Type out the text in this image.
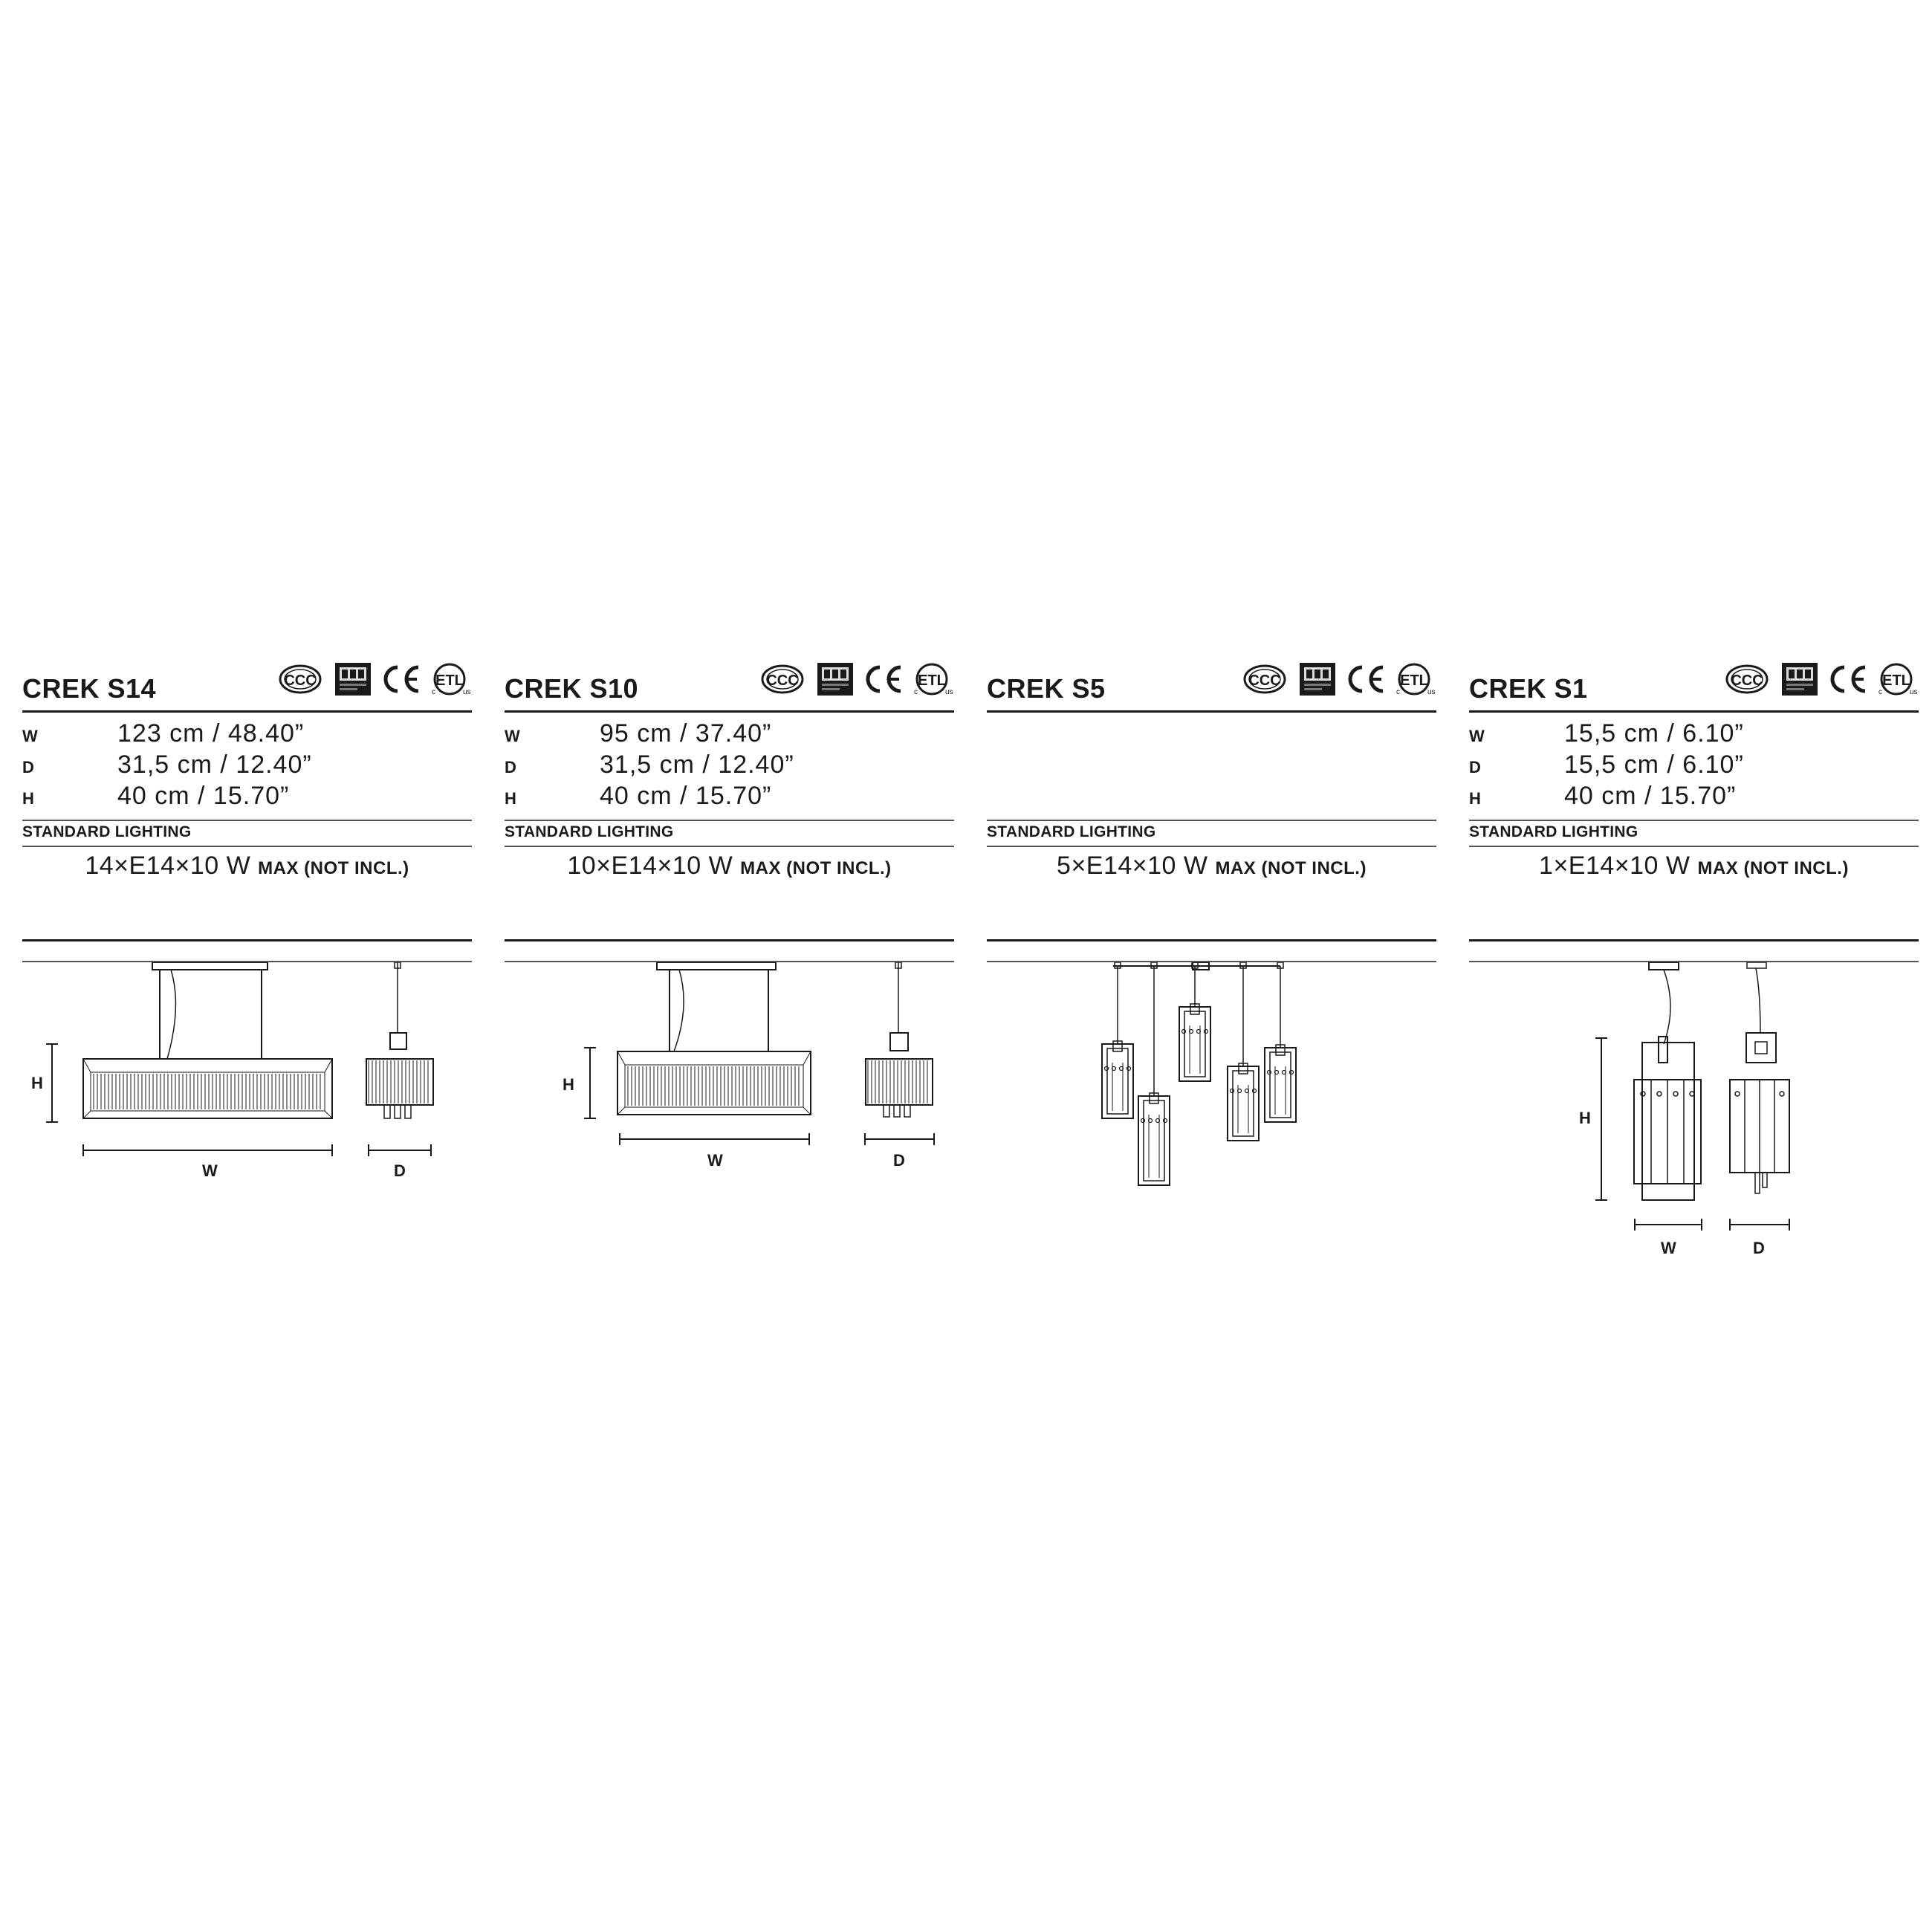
CREK S14
W	123 cm / 48.40”
D	31,5 cm / 12.40”
H	40 cm / 15.70”
STANDARD LIGHTING
14×E14×10 W MAX (NOT INCL.)
H
W	D
CREK S10
W	95 cm / 37.40”
D	31,5 cm / 12.40”
H	40 cm / 15.70”
STANDARD LIGHTING
10×E14×10 W MAX (NOT INCL.)
H
W	D
CREK S5
STANDARD LIGHTING
5×E14×10 W MAX (NOT INCL.)
CREK S1
W	15,5 cm / 6.10”
D	15,5 cm / 6.10”
H	40 cm / 15.70”
STANDARD LIGHTING
1×E14×10 W MAX (NOT INCL.)
H
W	D
